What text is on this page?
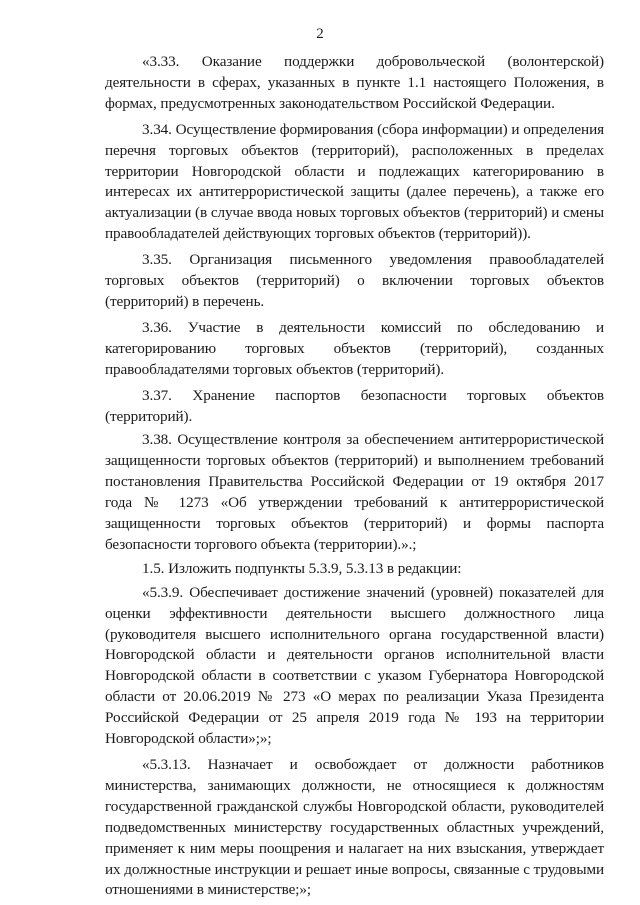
2

«3.33. Оказание поддержки добровольческой (волонтерской) деятельности в сферах, указанных в пункте 1.1 настоящего Положения, в формах, предусмотренных законодательством Российской Федерации.

3.34. Осуществление формирования (сбора информации) и определения перечня торговых объектов (территорий), расположенных в пределах территории Новгородской области и подлежащих категорированию в интересах их антитеррористической защиты (далее перечень), а также его актуализации (в случае ввода новых торговых объектов (территорий) и смены правообладателей действующих торговых объектов (территорий)).

3.35. Организация письменного уведомления правообладателей торговых объектов (территорий) о включении торговых объектов (территорий) в перечень.

3.36. Участие в деятельности комиссий по обследованию и категорированию торговых объектов (территорий), созданных правообладателями торговых объектов (территорий).

3.37. Хранение паспортов безопасности торговых объектов (территорий).

3.38. Осуществление контроля за обеспечением антитеррористической защищенности торговых объектов (территорий) и выполнением требований постановления Правительства Российской Федерации от 19 октября 2017 года № 1273 «Об утверждении требований к антитеррористической защищенности торговых объектов (территорий) и формы паспорта безопасности торгового объекта (территории).».;

1.5. Изложить подпункты 5.3.9, 5.3.13 в редакции:

«5.3.9. Обеспечивает достижение значений (уровней) показателей для оценки эффективности деятельности высшего должностного лица (руководителя высшего исполнительного органа государственной власти) Новгородской области и деятельности органов исполнительной власти Новгородской области в соответствии с указом Губернатора Новгородской области от 20.06.2019 № 273 «О мерах по реализации Указа Президента Российской Федерации от 25 апреля 2019 года № 193 на территории Новгородской области»;»;

«5.3.13. Назначает и освобождает от должности работников министерства, занимающих должности, не относящиеся к должностям государственной гражданской службы Новгородской области, руководителей подведомственных министерству государственных областных учреждений, применяет к ним меры поощрения и налагает на них взыскания, утверждает их должностные инструкции и решает иные вопросы, связанные с трудовыми отношениями в министерстве;»;
